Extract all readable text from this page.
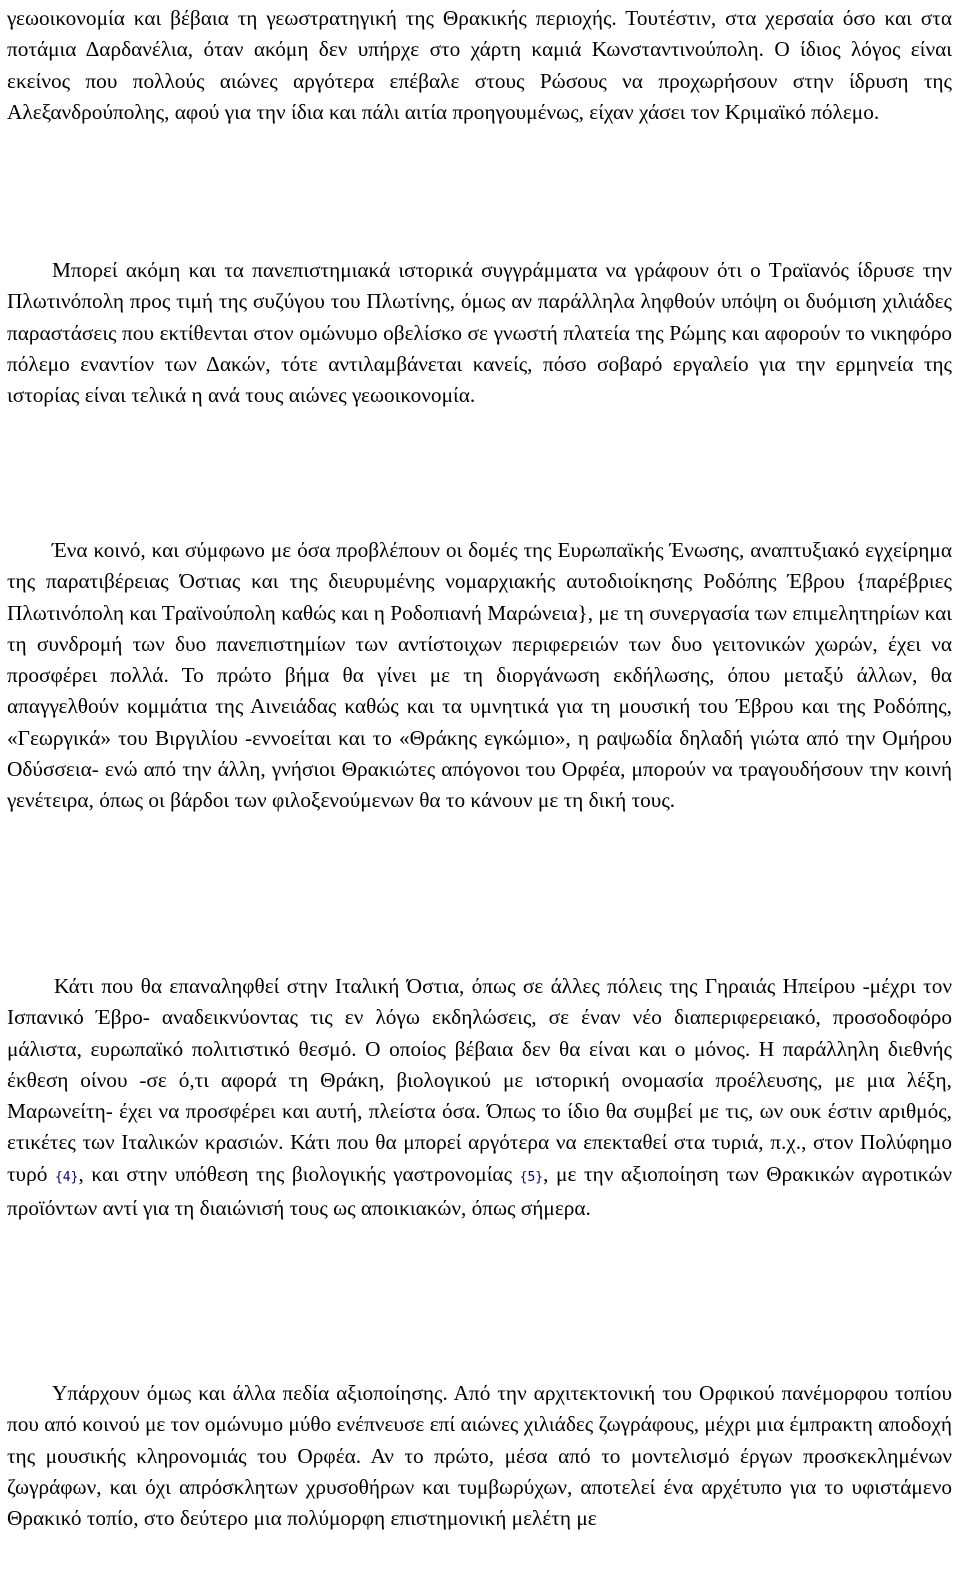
γεωοικονομία και βέβαια τη γεωστρατηγική της Θρακικής περιοχής. Τουτέστιν, στα χερσαία όσο και στα ποτάμια Δαρδανέλια, όταν ακόμη δεν υπήρχε στο χάρτη καμιά Κωνσταντινούπολη. Ο ίδιος λόγος είναι εκείνος που πολλούς αιώνες αργότερα επέβαλε στους Ρώσους να προχωρήσουν στην ίδρυση της Αλεξανδρούπολης, αφού για την ίδια και πάλι αιτία προηγουμένως, είχαν χάσει τον Κριμαϊκό πόλεμο.

Μπορεί ακόμη και τα πανεπιστημιακά ιστορικά συγγράμματα να γράφουν ότι ο Τραϊανός ίδρυσε την Πλωτινόπολη προς τιμή της συζύγου του Πλωτίνης, όμως αν παράλληλα ληφθούν υπόψη οι δυόμιση χιλιάδες παραστάσεις που εκτίθενται στον ομώνυμο οβελίσκο σε γνωστή πλατεία της Ρώμης και αφορούν το νικηφόρο πόλεμο εναντίον των Δακών, τότε αντιλαμβάνεται κανείς, πόσο σοβαρό εργαλείο για την ερμηνεία της ιστορίας είναι τελικά η ανά τους αιώνες γεωοικονομία.

Ένα κοινό, και σύμφωνο με όσα προβλέπουν οι δομές της Ευρωπαϊκής Ένωσης, αναπτυξιακό εγχείρημα της παρατιβέρειας Όστιας και της διευρυμένης νομαρχιακής αυτοδιοίκησης Ροδόπης Έβρου {παρέβριες Πλωτινόπολη και Τραϊνούπολη καθώς και η Ροδοπιανή Μαρώνεια}, με τη συνεργασία των επιμελητηρίων και τη συνδρομή των δυο πανεπιστημίων των αντίστοιχων περιφερειών των δυο γειτονικών χωρών, έχει να προσφέρει πολλά. Το πρώτο βήμα θα γίνει με τη διοργάνωση εκδήλωσης, όπου μεταξύ άλλων, θα απαγγελθούν κομμάτια της Αινειάδας καθώς και τα υμνητικά για τη μουσική του Έβρου και της Ροδόπης, «Γεωργικά» του Βιργιλίου -εννοείται και το «Θράκης εγκώμιο», η ραψωδία δηλαδή γιώτα από την Ομήρου Οδύσσεια- ενώ από την άλλη, γνήσιοι Θρακιώτες απόγονοι του Ορφέα, μπορούν να τραγουδήσουν την κοινή γενέτειρα, όπως οι βάρδοι των φιλοξενούμενων θα το κάνουν με τη δική τους.

Κάτι που θα επαναληφθεί στην Ιταλική Όστια, όπως σε άλλες πόλεις της Γηραιάς Ηπείρου -μέχρι τον Ισπανικό Έβρο- αναδεικνύοντας τις εν λόγω εκδηλώσεις, σε έναν νέο διαπεριφερειακό, προσοδοφόρο μάλιστα, ευρωπαϊκό πολιτιστικό θεσμό. Ο οποίος βέβαια δεν θα είναι και ο μόνος. Η παράλληλη διεθνής έκθεση οίνου -σε ό,τι αφορά τη Θράκη, βιολογικού με ιστορική ονομασία προέλευσης, με μια λέξη, Μαρωνείτη- έχει να προσφέρει και αυτή, πλείστα όσα. Όπως το ίδιο θα συμβεί με τις, ων ουκ έστιν αριθμός, ετικέτες των Ιταλικών κρασιών. Κάτι που θα μπορεί αργότερα να επεκταθεί στα τυριά, π.χ., στον Πολύφημο τυρό {4}, και στην υπόθεση της βιολογικής γαστρονομίας {5}, με την αξιοποίηση των Θρακικών αγροτικών προϊόντων αντί για τη διαιώνισή τους ως αποικιακών, όπως σήμερα.

Υπάρχουν όμως και άλλα πεδία αξιοποίησης. Από την αρχιτεκτονική του Ορφικού πανέμορφου τοπίου που από κοινού με τον ομώνυμο μύθο ενέπνευσε επί αιώνες χιλιάδες ζωγράφους, μέχρι μια έμπρακτη αποδοχή της μουσικής κληρονομιάς του Ορφέα. Αν το πρώτο, μέσα από το μοντελισμό έργων προσκεκλημένων ζωγράφων, και όχι απρόσκλητων χρυσοθήρων και τυμβωρύχων, αποτελεί ένα αρχέτυπο για το υφιστάμενο Θρακικό τοπίο, στο δεύτερο μια πολύμορφη επιστημονική μελέτη με
